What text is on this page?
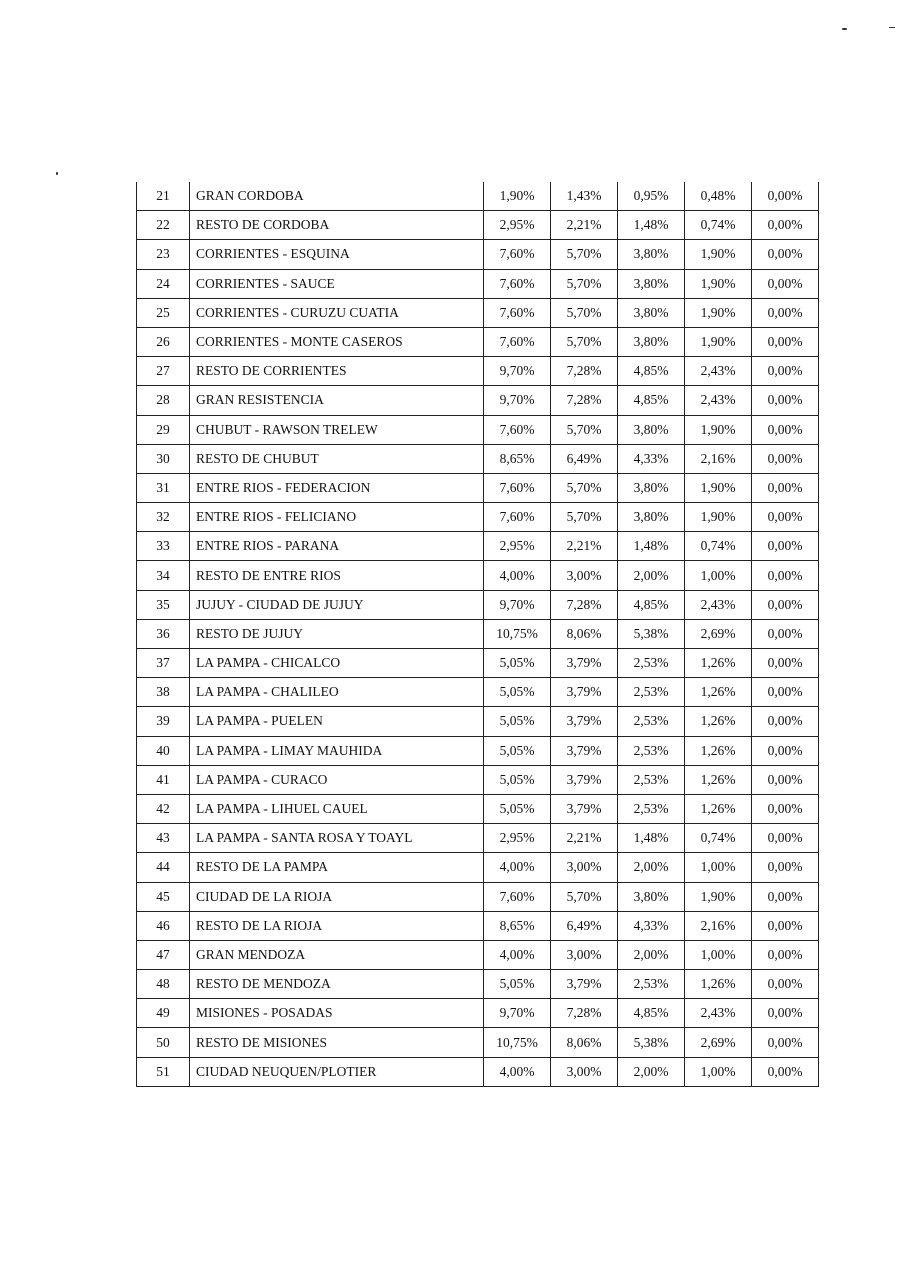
21	GRAN CORDOBA	1,90%	1,43%	0,95%	0,48%	0,00%
22	RESTO DE CORDOBA	2,95%	2,21%	1,48%	0,74%	0,00%
23	CORRIENTES - ESQUINA	7,60%	5,70%	3,80%	1,90%	0,00%
24	CORRIENTES - SAUCE	7,60%	5,70%	3,80%	1,90%	0,00%
25	CORRIENTES - CURUZU CUATIA	7,60%	5,70%	3,80%	1,90%	0,00%
26	CORRIENTES - MONTE CASEROS	7,60%	5,70%	3,80%	1,90%	0,00%
27	RESTO DE CORRIENTES	9,70%	7,28%	4,85%	2,43%	0,00%
28	GRAN RESISTENCIA	9,70%	7,28%	4,85%	2,43%	0,00%
29	CHUBUT - RAWSON TRELEW	7,60%	5,70%	3,80%	1,90%	0,00%
30	RESTO DE CHUBUT	8,65%	6,49%	4,33%	2,16%	0,00%
31	ENTRE RIOS - FEDERACION	7,60%	5,70%	3,80%	1,90%	0,00%
32	ENTRE RIOS - FELICIANO	7,60%	5,70%	3,80%	1,90%	0,00%
33	ENTRE RIOS - PARANA	2,95%	2,21%	1,48%	0,74%	0,00%
34	RESTO DE ENTRE RIOS	4,00%	3,00%	2,00%	1,00%	0,00%
35	JUJUY - CIUDAD DE JUJUY	9,70%	7,28%	4,85%	2,43%	0,00%
36	RESTO DE JUJUY	10,75%	8,06%	5,38%	2,69%	0,00%
37	LA PAMPA - CHICALCO	5,05%	3,79%	2,53%	1,26%	0,00%
38	LA PAMPA - CHALILEO	5,05%	3,79%	2,53%	1,26%	0,00%
39	LA PAMPA - PUELEN	5,05%	3,79%	2,53%	1,26%	0,00%
40	LA PAMPA - LIMAY MAUHIDA	5,05%	3,79%	2,53%	1,26%	0,00%
41	LA PAMPA - CURACO	5,05%	3,79%	2,53%	1,26%	0,00%
42	LA PAMPA - LIHUEL CAUEL	5,05%	3,79%	2,53%	1,26%	0,00%
43	LA PAMPA - SANTA ROSA Y TOAYL	2,95%	2,21%	1,48%	0,74%	0,00%
44	RESTO DE LA PAMPA	4,00%	3,00%	2,00%	1,00%	0,00%
45	CIUDAD DE LA RIOJA	7,60%	5,70%	3,80%	1,90%	0,00%
46	RESTO DE LA RIOJA	8,65%	6,49%	4,33%	2,16%	0,00%
47	GRAN MENDOZA	4,00%	3,00%	2,00%	1,00%	0,00%
48	RESTO DE MENDOZA	5,05%	3,79%	2,53%	1,26%	0,00%
49	MISIONES - POSADAS	9,70%	7,28%	4,85%	2,43%	0,00%
50	RESTO DE MISIONES	10,75%	8,06%	5,38%	2,69%	0,00%
51	CIUDAD NEUQUEN/PLOTIER	4,00%	3,00%	2,00%	1,00%	0,00%
